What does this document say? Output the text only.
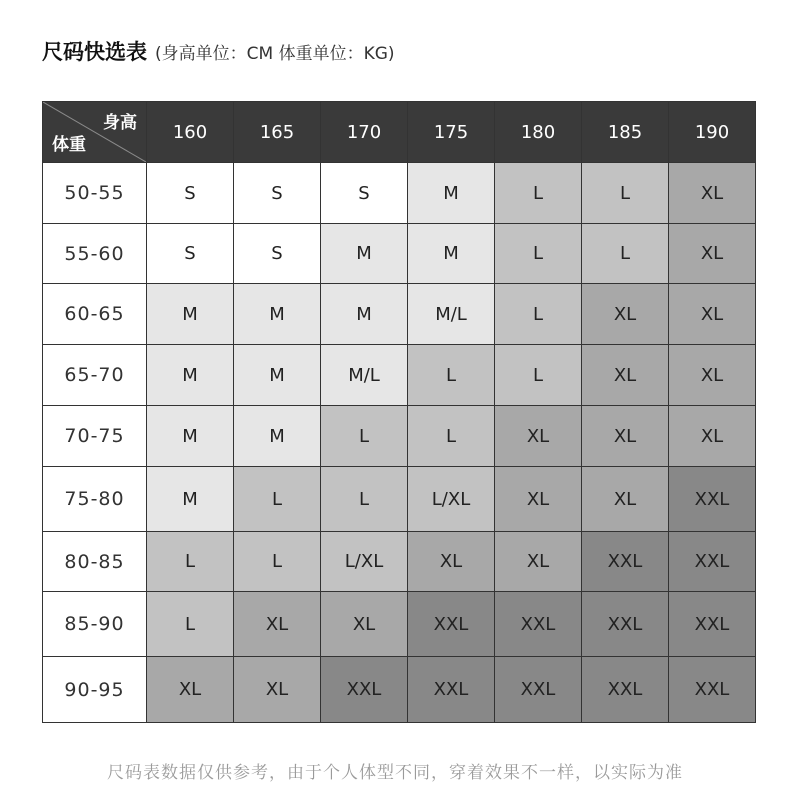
尺码快选表 (身高单位：CM 体重单位：KG)
身高
体重	160	165	170	175	180	185	190
50-55	S	S	S	M	L	L	XL
55-60	S	S	M	M	L	L	XL
60-65	M	M	M	M/L	L	XL	XL
65-70	M	M	M/L	L	L	XL	XL
70-75	M	M	L	L	XL	XL	XL
75-80	M	L	L	L/XL	XL	XL	XXL
80-85	L	L	L/XL	XL	XL	XXL	XXL
85-90	L	XL	XL	XXL	XXL	XXL	XXL
90-95	XL	XL	XXL	XXL	XXL	XXL	XXL
尺码表数据仅供参考，由于个人体型不同，穿着效果不一样，以实际为准
